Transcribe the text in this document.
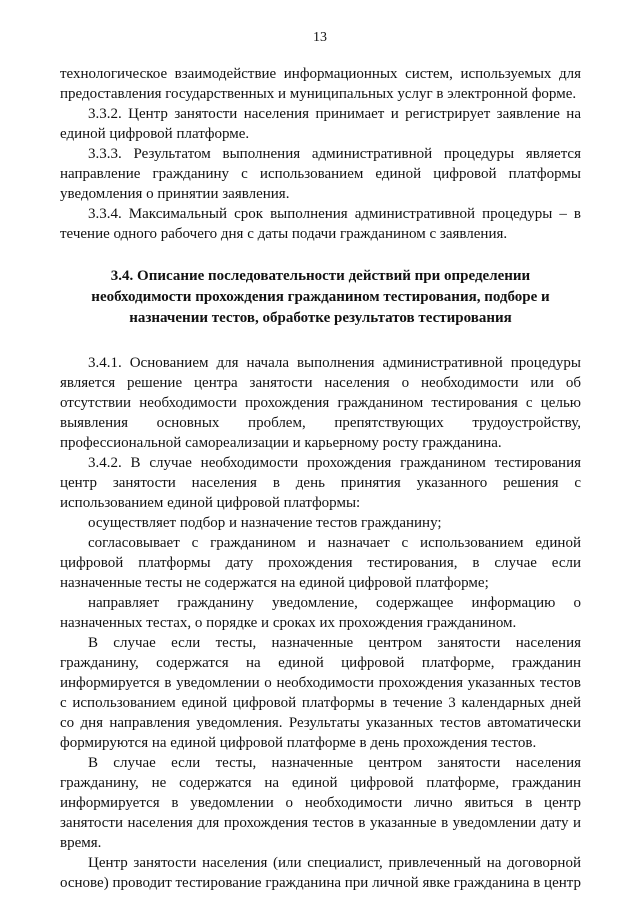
13

технологическое взаимодействие информационных систем, используемых для предоставления государственных и муниципальных услуг в электронной форме.

3.3.2. Центр занятости населения принимает и регистрирует заявление на единой цифровой платформе.

3.3.3. Результатом выполнения административной процедуры является направление гражданину с использованием единой цифровой платформы уведомления о принятии заявления.

3.3.4. Максимальный срок выполнения административной процедуры – в течение одного рабочего дня с даты подачи гражданином с заявления.

3.4. Описание последовательности действий при определении
необходимости прохождения гражданином тестирования, подборе и
назначении тестов, обработке результатов тестирования

3.4.1. Основанием для начала выполнения административной процедуры является решение центра занятости населения о необходимости или об отсутствии необходимости прохождения гражданином тестирования с целью выявления основных проблем, препятствующих трудоустройству, профессиональной самореализации и карьерному росту гражданина.

3.4.2. В случае необходимости прохождения гражданином тестирования центр занятости населения в день принятия указанного решения с использованием единой цифровой платформы:

осуществляет подбор и назначение тестов гражданину;

согласовывает с гражданином и назначает с использованием единой цифровой платформы дату прохождения тестирования, в случае если назначенные тесты не содержатся на единой цифровой платформе;

направляет гражданину уведомление, содержащее информацию о назначенных тестах, о порядке и сроках их прохождения гражданином.

В случае если тесты, назначенные центром занятости населения гражданину, содержатся на единой цифровой платформе, гражданин информируется в уведомлении о необходимости прохождения указанных тестов с использованием единой цифровой платформы в течение 3 календарных дней со дня направления уведомления. Результаты указанных тестов автоматически формируются на единой цифровой платформе в день прохождения тестов.

В случае если тесты, назначенные центром занятости населения гражданину, не содержатся на единой цифровой платформе, гражданин информируется в уведомлении о необходимости лично явиться в центр занятости населения для прохождения тестов в указанные в уведомлении дату и время.

Центр занятости населения (или специалист, привлеченный на договорной основе) проводит тестирование гражданина при личной явке гражданина в центр
